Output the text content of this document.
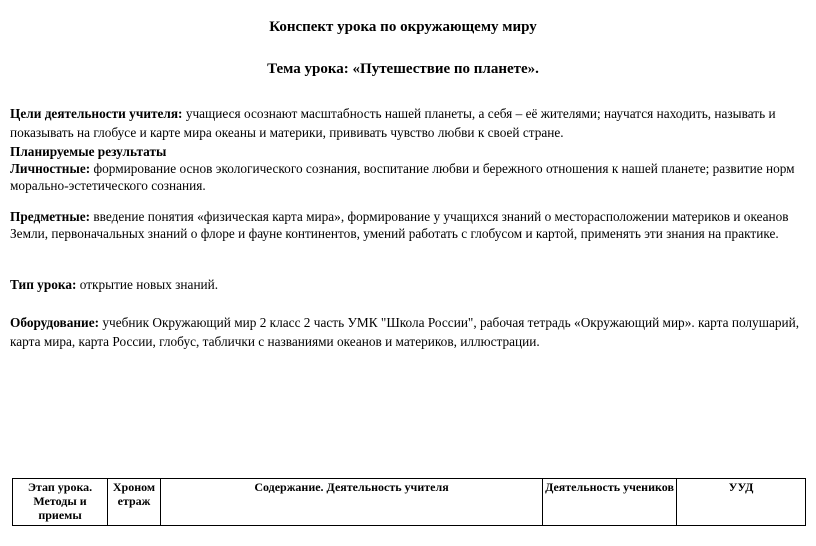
Конспект урока по окружающему миру
Тема урока: «Путешествие по планете».
Цели деятельности учителя: учащиеся осознают масштабность нашей планеты, а себя – её жителями; научатся находить, называть и показывать на глобусе и карте мира океаны и материки, прививать чувство любви к своей стране.
Планируемые результаты
Личностные: формирование основ экологического сознания, воспитание любви и бережного отношения к нашей планете; развитие норм морально-эстетического сознания.
Предметные: введение понятия «физическая карта мира», формирование у учащихся знаний о месторасположении материков и океанов Земли, первоначальных знаний о флоре и фауне континентов, умений работать с глобусом и картой, применять эти знания на практике.
Тип урока: открытие новых знаний.
Оборудование: учебник Окружающий мир 2 класс 2 часть УМК "Школа России", рабочая тетрадь «Окружающий мир». карта полушарий, карта мира, карта России, глобус, таблички с названиями океанов и материков, иллюстрации.
Этап урока. Методы и приемы	Хроном етраж	Содержание. Деятельность учителя	Деятельность учеников	УУД
